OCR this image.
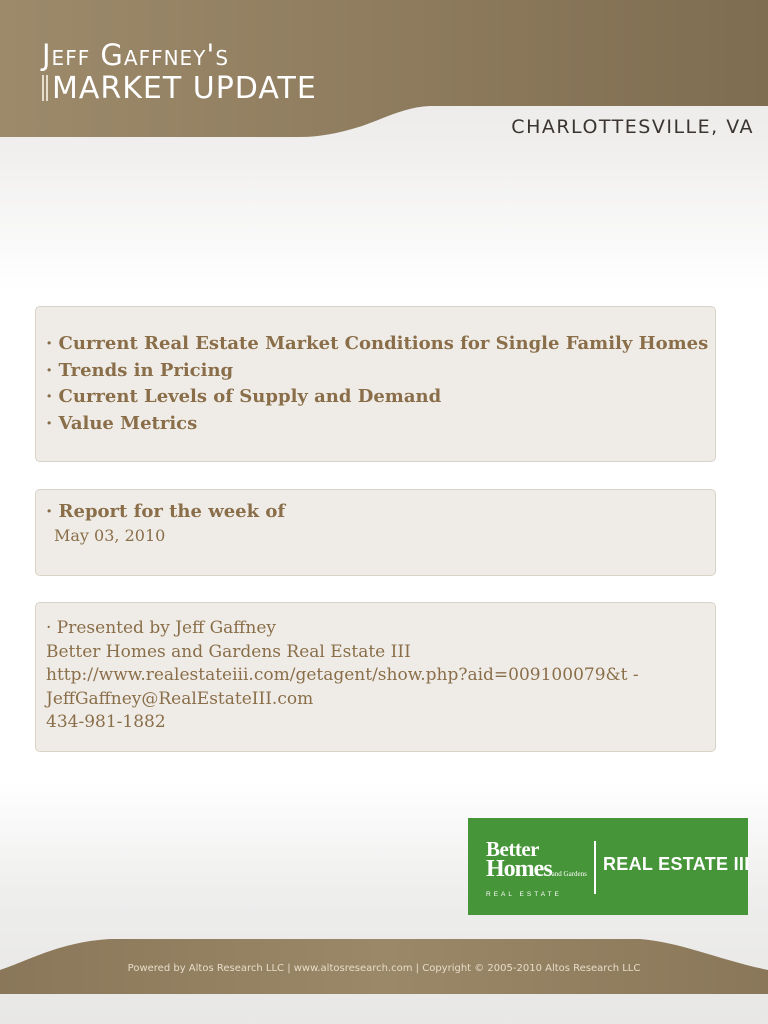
Jeff Gaffney's
MARKET UPDATE
CHARLOTTESVILLE, VA
· Current Real Estate Market Conditions for Single Family Homes
· Trends in Pricing
· Current Levels of Supply and Demand
· Value Metrics
· Report for the week of
May 03, 2010
· Presented by Jeff Gaffney
Better Homes and Gardens Real Estate III
http://www.realestateiii.com/getagent/show.php?aid=009100079&t -
JeffGaffney@RealEstateIII.com
434-981-1882
Better
Homesand Gardens
REAL ESTATE
REAL ESTATE III
Powered by Altos Research LLC | www.altosresearch.com | Copyright © 2005-2010 Altos Research LLC
